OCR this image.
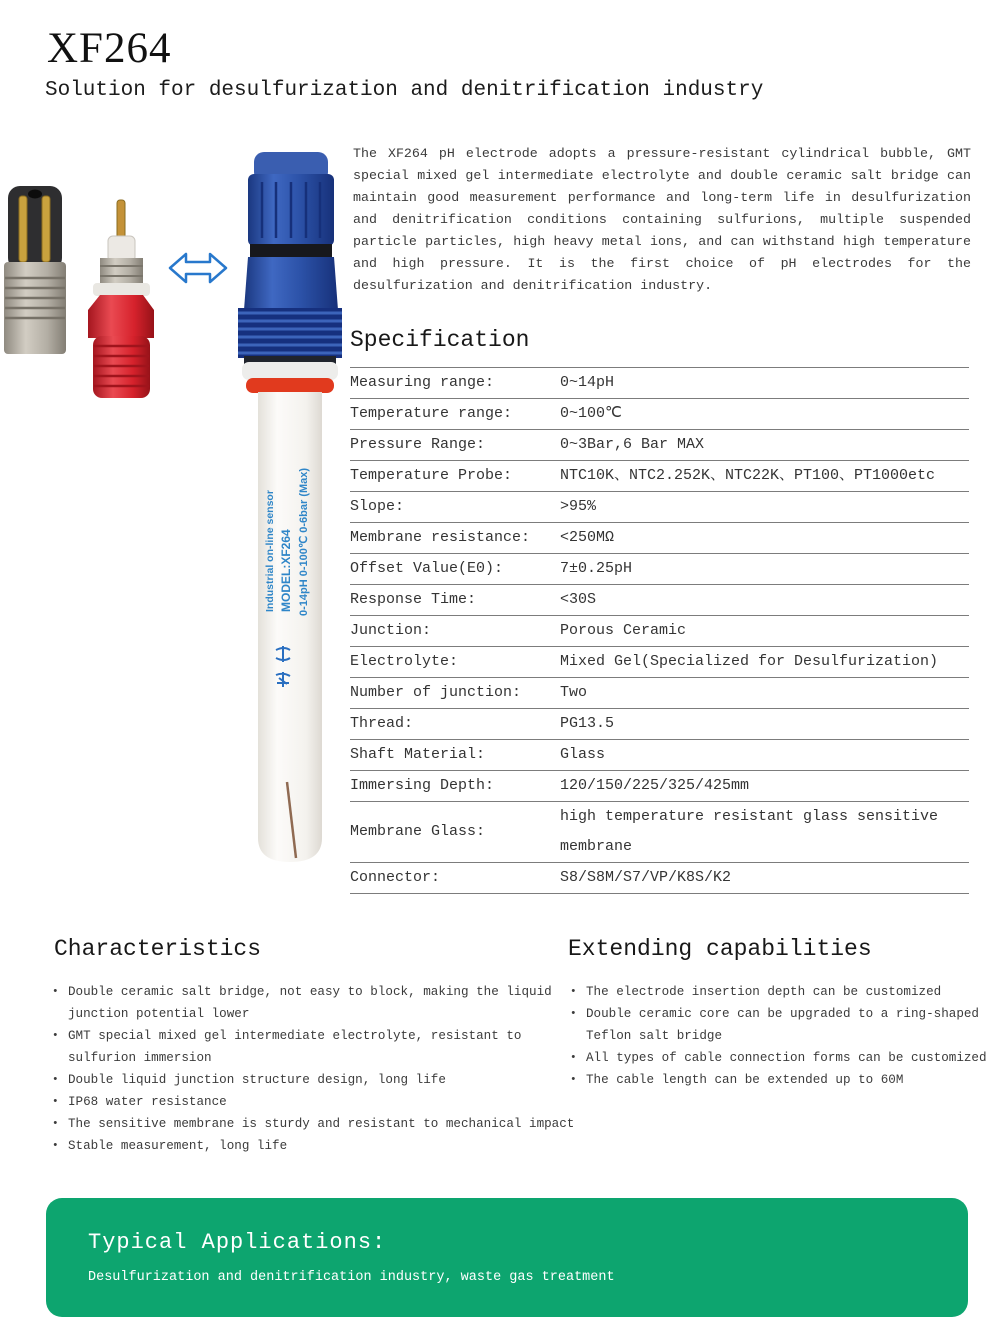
XF264
Solution for desulfurization and denitrification industry
Industrial on-line sensor MODEL:XF264 0-14pH 0-100℃ 0-6bar (Max)
The XF264 pH electrode adopts a pressure-resistant cylindrical bubble, GMT special mixed gel intermediate electrolyte and double ceramic salt bridge can maintain good measurement performance and long-term life in desulfurization and denitrification conditions containing sulfurions, multiple suspended particle particles, high heavy metal ions, and can withstand high temperature and high pressure. It is the first choice of pH electrodes for the desulfurization and denitrification industry.
Specification
Measuring range:	0~14pH
Temperature range:	0~100℃
Pressure Range:	0~3Bar,6 Bar MAX
Temperature Probe:	NTC10K、NTC2.252K、NTC22K、PT100、PT1000etc
Slope:	>95%
Membrane resistance:	<250MΩ
Offset Value(E0):	7±0.25pH
Response Time:	<30S
Junction:	Porous Ceramic
Electrolyte:	Mixed Gel(Specialized for Desulfurization)
Number of junction:	Two
Thread:	PG13.5
Shaft Material:	Glass
Immersing Depth:	120/150/225/325/425mm
Membrane Glass:
high temperature resistant glass sensitive membrane
Connector:	S8/S8M/S7/VP/K8S/K2
Characteristics
• Double ceramic salt bridge, not easy to block, making the liquid junction potential lower
• GMT special mixed gel intermediate electrolyte, resistant to sulfurion immersion
• Double liquid junction structure design, long life
• IP68 water resistance
• The sensitive membrane is sturdy and resistant to mechanical impact
• Stable measurement, long life
Extending capabilities
• The electrode insertion depth can be customized
• Double ceramic core can be upgraded to a ring-shaped Teflon salt bridge
• All types of cable connection forms can be customized
• The cable length can be extended up to 60M
Typical Applications:
Desulfurization and denitrification industry, waste gas treatment
